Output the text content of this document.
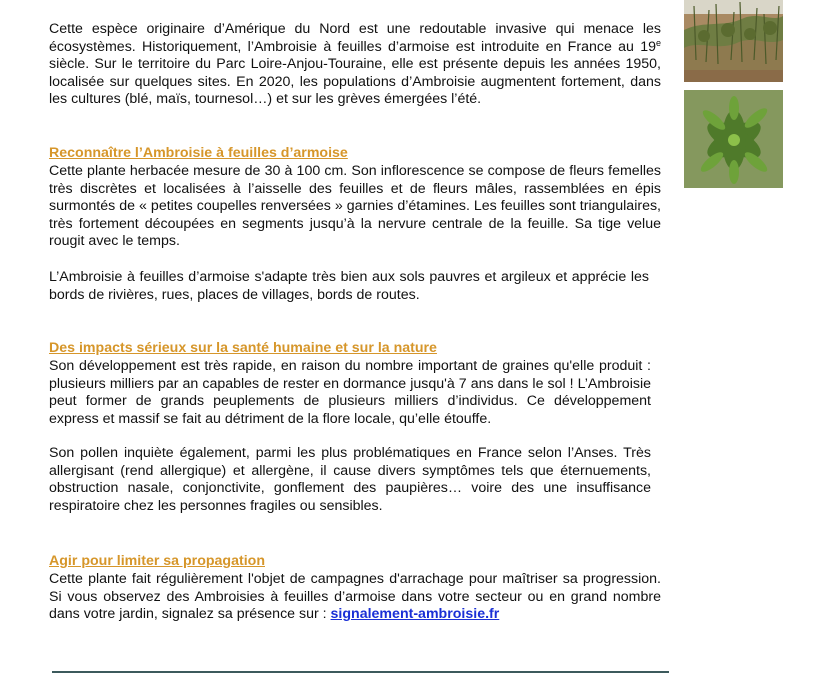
Cette espèce originaire d’Amérique du Nord est une redoutable invasive qui menace les écosystèmes. Historiquement, l’Ambroisie à feuilles d’armoise est introduite en France au 19e siècle. Sur le territoire du Parc Loire-Anjou-Touraine, elle est présente depuis les années 1950, localisée sur quelques sites. En 2020, les populations d’Ambroisie augmentent fortement, dans les cultures (blé, maïs, tournesol…) et sur les grèves émergées l’été.

Reconnaître l’Ambroisie à feuilles d’armoise

Cette plante herbacée mesure de 30 à 100 cm. Son inflorescence se compose de fleurs femelles très discrètes et localisées à l’aisselle des feuilles et de fleurs mâles, rassemblées en épis surmontés de « petites coupelles renversées » garnies d’étamines. Les feuilles sont triangulaires, très fortement découpées en segments jusqu’à la nervure centrale de la feuille. Sa tige velue rougit avec le temps.

L’Ambroisie à feuilles d’armoise s'adapte très bien aux sols pauvres et argileux et apprécie les bords de rivières, rues, places de villages, bords de routes.

Des impacts sérieux sur la santé humaine et sur la nature

Son développement est très rapide, en raison du nombre important de graines qu'elle produit : plusieurs milliers par an capables de rester en dormance jusqu'à 7 ans dans le sol ! L’Ambroisie peut former de grands peuplements de plusieurs milliers d’individus. Ce développement express et massif se fait au détriment de la flore locale, qu’elle étouffe.

Son pollen inquiète également, parmi les plus problématiques en France selon l’Anses. Très allergisant (rend allergique) et allergène, il cause divers symptômes tels que éternuements, obstruction nasale, conjonctivite, gonflement des paupières… voire des une insuffisance respiratoire chez les personnes fragiles ou sensibles.

Agir pour limiter sa propagation

Cette plante fait régulièrement l'objet de campagnes d'arrachage pour maîtriser sa progression. Si vous observez des Ambroisies à feuilles d’armoise dans votre secteur ou en grand nombre dans votre jardin, signalez sa présence sur : signalement-ambroisie.fr
